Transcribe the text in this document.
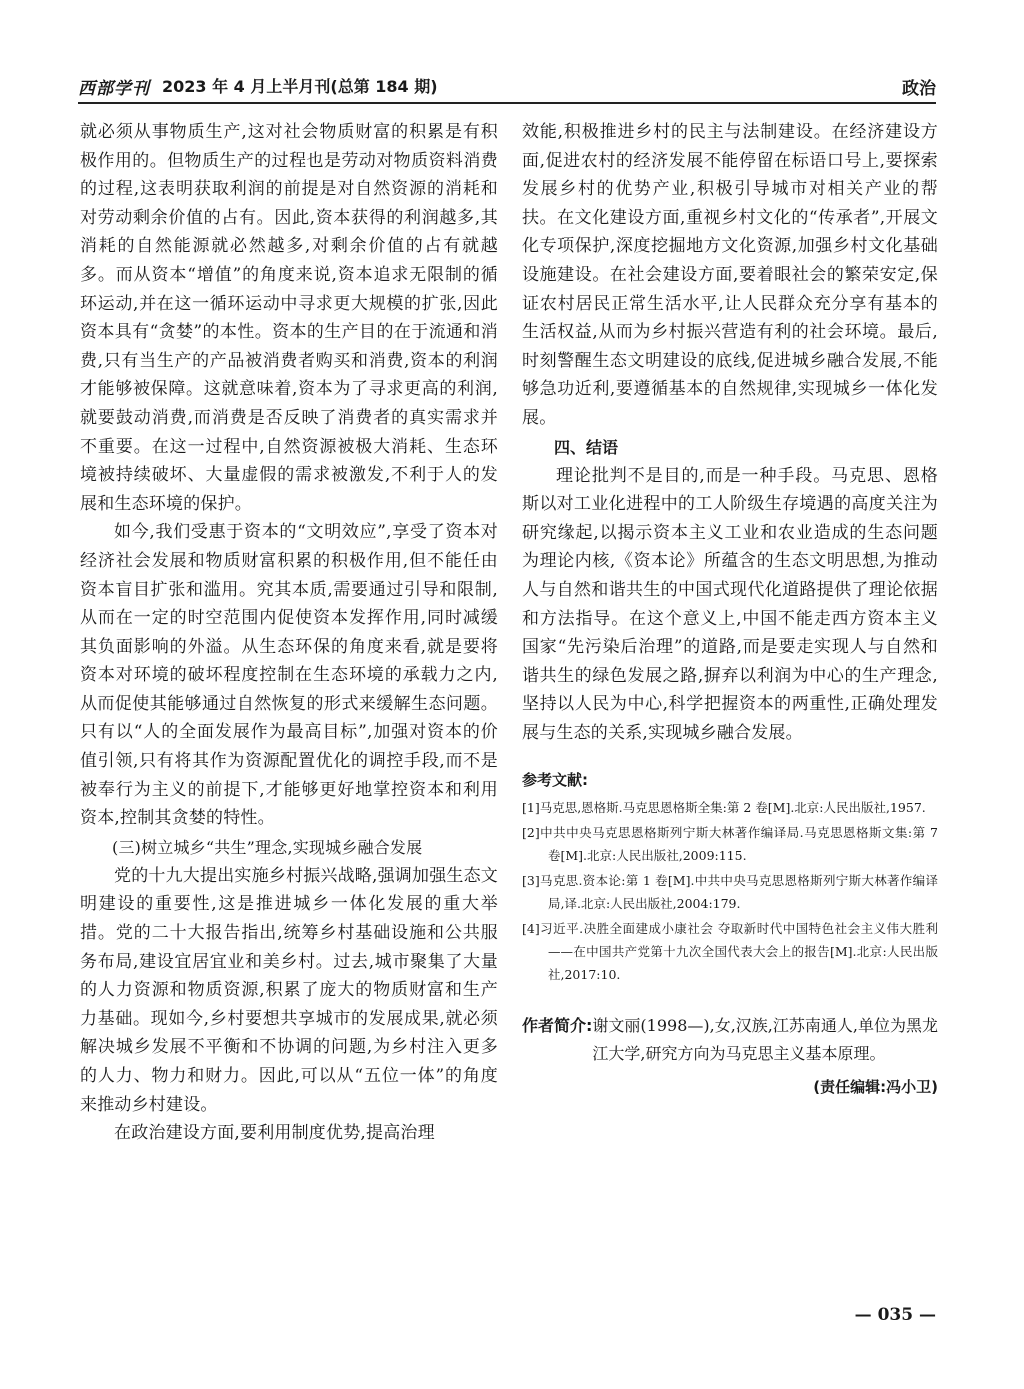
西部学刊 2023 年 4 月上半月刊(总第 184 期)	政治

就必须从事物质生产,这对社会物质财富的积累是有积极作用的。但物质生产的过程也是劳动对物质资料消费的过程,这表明获取利润的前提是对自然资源的消耗和对劳动剩余价值的占有。因此,资本获得的利润越多,其消耗的自然能源就必然越多,对剩余价值的占有就越多。而从资本“增值”的角度来说,资本追求无限制的循环运动,并在这一循环运动中寻求更大规模的扩张,因此资本具有“贪婪”的本性。资本的生产目的在于流通和消费,只有当生产的产品被消费者购买和消费,资本的利润才能够被保障。这就意味着,资本为了寻求更高的利润,就要鼓动消费,而消费是否反映了消费者的真实需求并不重要。在这一过程中,自然资源被极大消耗、生态环境被持续破坏、大量虚假的需求被激发,不利于人的发展和生态环境的保护。

如今,我们受惠于资本的“文明效应”,享受了资本对经济社会发展和物质财富积累的积极作用,但不能任由资本盲目扩张和滥用。究其本质,需要通过引导和限制,从而在一定的时空范围内促使资本发挥作用,同时减缓其负面影响的外溢。从生态环保的角度来看,就是要将资本对环境的破坏程度控制在生态环境的承载力之内,从而促使其能够通过自然恢复的形式来缓解生态问题。只有以“人的全面发展作为最高目标”,加强对资本的价值引领,只有将其作为资源配置优化的调控手段,而不是被奉行为主义的前提下,才能够更好地掌控资本和利用资本,控制其贪婪的特性。

(三)树立城乡“共生”理念,实现城乡融合发展

党的十九大提出实施乡村振兴战略,强调加强生态文明建设的重要性,这是推进城乡一体化发展的重大举措。党的二十大报告指出,统筹乡村基础设施和公共服务布局,建设宜居宜业和美乡村。过去,城市聚集了大量的人力资源和物质资源,积累了庞大的物质财富和生产力基础。现如今,乡村要想共享城市的发展成果,就必须解决城乡发展不平衡和不协调的问题,为乡村注入更多的人力、物力和财力。因此,可以从“五位一体”的角度来推动乡村建设。

在政治建设方面,要利用制度优势,提高治理

效能,积极推进乡村的民主与法制建设。在经济建设方面,促进农村的经济发展不能停留在标语口号上,要探索发展乡村的优势产业,积极引导城市对相关产业的帮扶。在文化建设方面,重视乡村文化的“传承者”,开展文化专项保护,深度挖掘地方文化资源,加强乡村文化基础设施建设。在社会建设方面,要着眼社会的繁荣安定,保证农村居民正常生活水平,让人民群众充分享有基本的生活权益,从而为乡村振兴营造有利的社会环境。最后,时刻警醒生态文明建设的底线,促进城乡融合发展,不能够急功近利,要遵循基本的自然规律,实现城乡一体化发展。

四、结语

理论批判不是目的,而是一种手段。马克思、恩格斯以对工业化进程中的工人阶级生存境遇的高度关注为研究缘起,以揭示资本主义工业和农业造成的生态问题为理论内核,《资本论》所蕴含的生态文明思想,为推动人与自然和谐共生的中国式现代化道路提供了理论依据和方法指导。在这个意义上,中国不能走西方资本主义国家“先污染后治理”的道路,而是要走实现人与自然和谐共生的绿色发展之路,摒弃以利润为中心的生产理念,坚持以人民为中心,科学把握资本的两重性,正确处理发展与生态的关系,实现城乡融合发展。

参考文献:

[1]马克思,恩格斯.马克思恩格斯全集:第 2 卷[M].北京:人民出版社,1957.

[2]中共中央马克思恩格斯列宁斯大林著作编译局.马克思恩格斯文集:第 7 卷[M].北京:人民出版社,2009:115.

[3]马克思.资本论:第 1 卷[M].中共中央马克思恩格斯列宁斯大林著作编译局,译.北京:人民出版社,2004:179.

[4]习近平.决胜全面建成小康社会 夺取新时代中国特色社会主义伟大胜利——在中国共产党第十九次全国代表大会上的报告[M].北京:人民出版社,2017:10.

作者简介: 谢文丽(1998—),女,汉族,江苏南通人,单位为黑龙江大学,研究方向为马克思主义基本原理。
(责任编辑:冯小卫)
— 035 —
